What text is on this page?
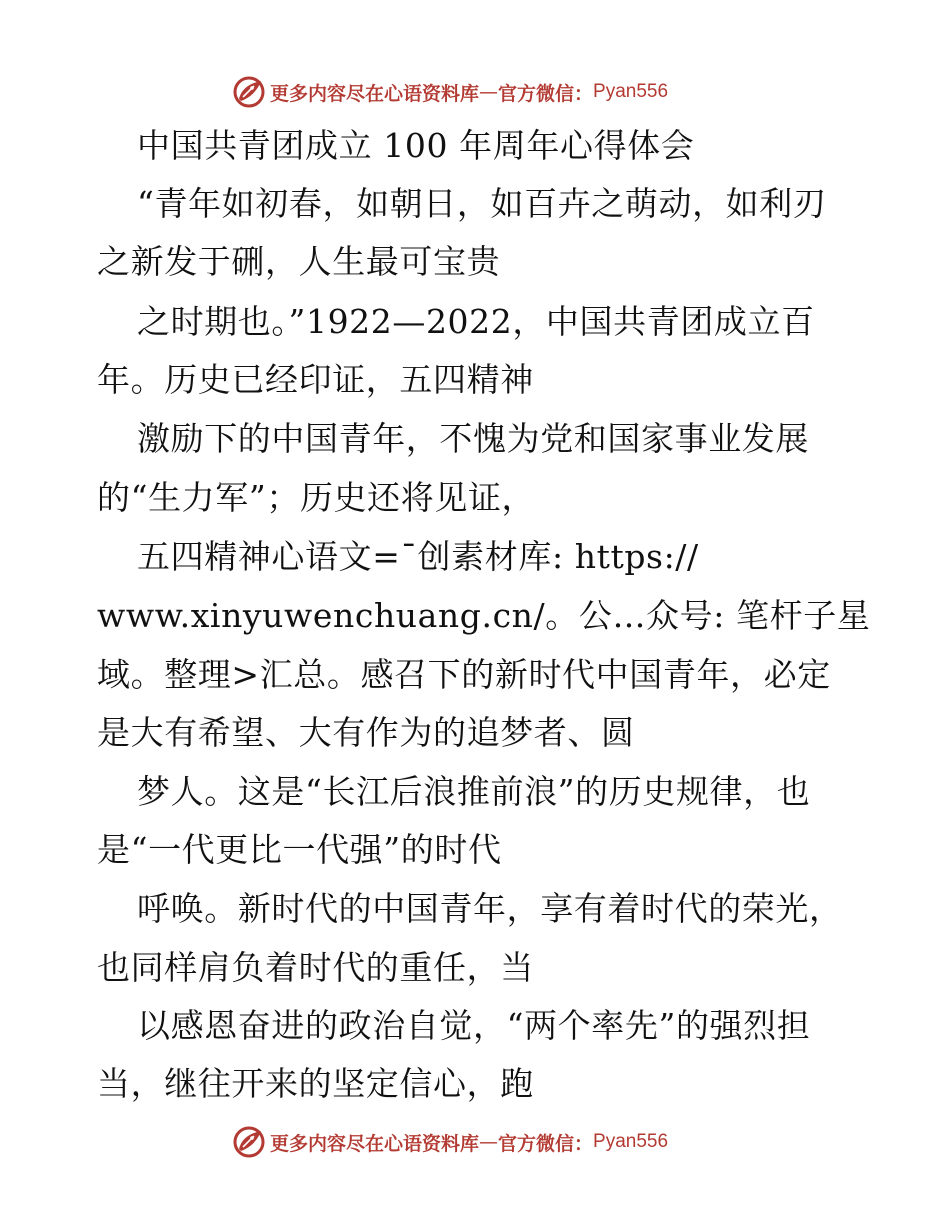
更多内容尽在心语资料库 — 官方微信： Pyan556
中国共青团成立 100 年周年心得体会
“青年如初春，如朝日，如百卉之萌动，如利刃
之新发于硎，人生最可宝贵
之时期也。”1922—2022，中国共青团成立百
年。历史已经印证，五四精神
激励下的中国青年，不愧为党和国家事业发展
的“生力军”；历史还将见证，
五四精神心语文=¯创素材库: https://
www.xinyuwenchuang.cn/。公…众号: 笔杆子星
域。整理>汇总。感召下的新时代中国青年，必定
是大有希望、大有作为的追梦者、圆
梦人。这是“长江后浪推前浪”的历史规律，也
是“一代更比一代强”的时代
呼唤。新时代的中国青年，享有着时代的荣光，
也同样肩负着时代的重任，当
以感恩奋进的政治自觉，“两个率先”的强烈担
当，继往开来的坚定信心，跑
更多内容尽在心语资料库 — 官方微信： Pyan556
